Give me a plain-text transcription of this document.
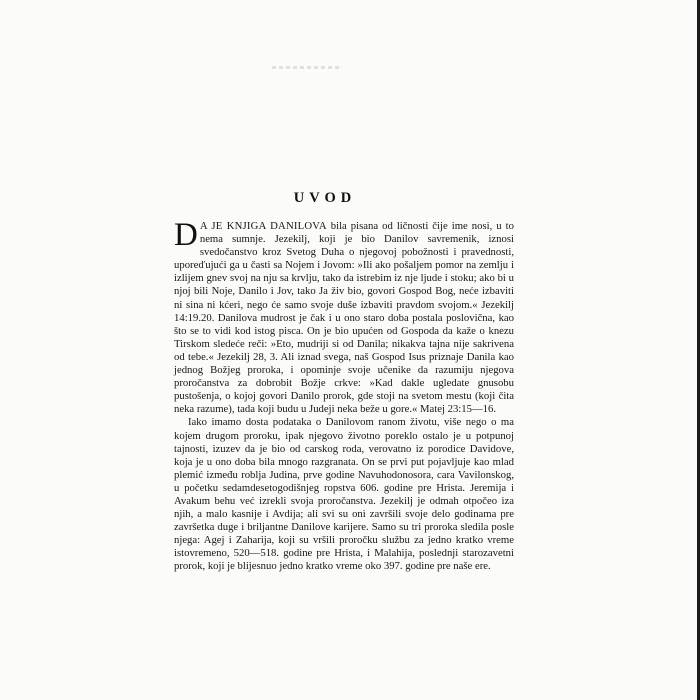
UVOD

D A JE KNJIGA DANILOVA bila pisana od ličnosti čije ime nosi, u to nema sumnje. Jezekilj, koji je bio Danilov savremenik, iznosi svedočanstvo kroz Svetog Duha o njegovoj pobožnosti i pravednosti, uporeďujući ga u časti sa Nojem i Jovom: »Ili ako pošaljem pomor na zemlju i izlijem gnev svoj na nju sa krvlju, tako da istrebim iz nje ljude i stoku; ako bi u njoj bili Noje, Danilo i Jov, tako Ja živ bio, govori Gospod Bog, neće izbaviti ni sina ni kćeri, nego će samo svoje duše izbaviti pravdom svojom.« Jezekilj 14:19.20. Danilova mudrost je čak i u ono staro doba postala poslovična, kao što se to vidi kod istog pisca. On je bio upućen od Gospoda da kaže o knezu Tirskom sledeće reči: »Eto, mudriji si od Danila; nikakva tajna nije sakrivena od tebe.« Jezekilj 28, 3. Ali iznad svega, naš Gospod Isus priznaje Danila kao jednog Božjeg proroka, i opominje svoje učenike da razumiju njegova proročanstva za dobrobit Božje crkve: »Kad dakle ugledate gnusobu pustošenja, o kojoj govori Danilo prorok, gde stoji na svetom mestu (koji čita neka razume), tada koji budu u Judeji neka beže u gore.« Matej 23:15—16.

Iako imamo dosta podataka o Danilovom ranom životu, više nego o ma kojem drugom proroku, ipak njegovo životno poreklo ostalo je u potpunoj tajnosti, izuzev da je bio od carskog roda, verovatno iz porodice Davidove, koja je u ono doba bila mnogo razgranata. On se prvi put pojavljuje kao mlad plemić između roblja Judina, prve godine Navuhodonosora, cara Vavilonskog, u početku sedamdesetogodišnjeg ropstva 606. godine pre Hrista. Jeremija i Avakum behu već izrekli svoja proročanstva. Jezekilj je odmah otpočeo iza njih, a malo kasnije i Avdija; ali svi su oni završili svoje delo godinama pre završetka duge i briljantne Danilove karijere. Samo su tri proroka sledila posle njega: Agej i Zaharija, koji su vršili proročku službu za jedno kratko vreme istovremeno, 520—518. godine pre Hrista, i Malahija, poslednji starozavetni prorok, koji je blijesnuo jedno kratko vreme oko 397. godine pre naše ere.
